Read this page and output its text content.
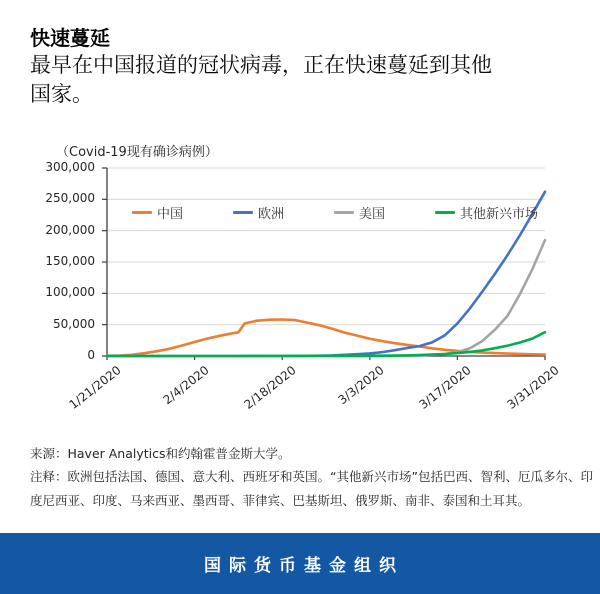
快速蔓延
最早在中国报道的冠状病毒，正在快速蔓延到其他国家。
（Covid-19现有确诊病例）
0
50,000
100,000
150,000
200,000
250,000
300,000
1/21/2020	2/4/2020	2/18/2020	3/3/2020	3/17/2020	3/31/2020
中国	欧洲	美国	其他新兴市场
来源：Haver Analytics和约翰霍普金斯大学。
注释：欧洲包括法国、德国、意大利、西班牙和英国。“其他新兴市场”包括巴西、智利、厄瓜多尔、印
度尼西亚、印度、马来西亚、墨西哥、菲律宾、巴基斯坦、俄罗斯、南非、泰国和土耳其。
国际货币基金组织
